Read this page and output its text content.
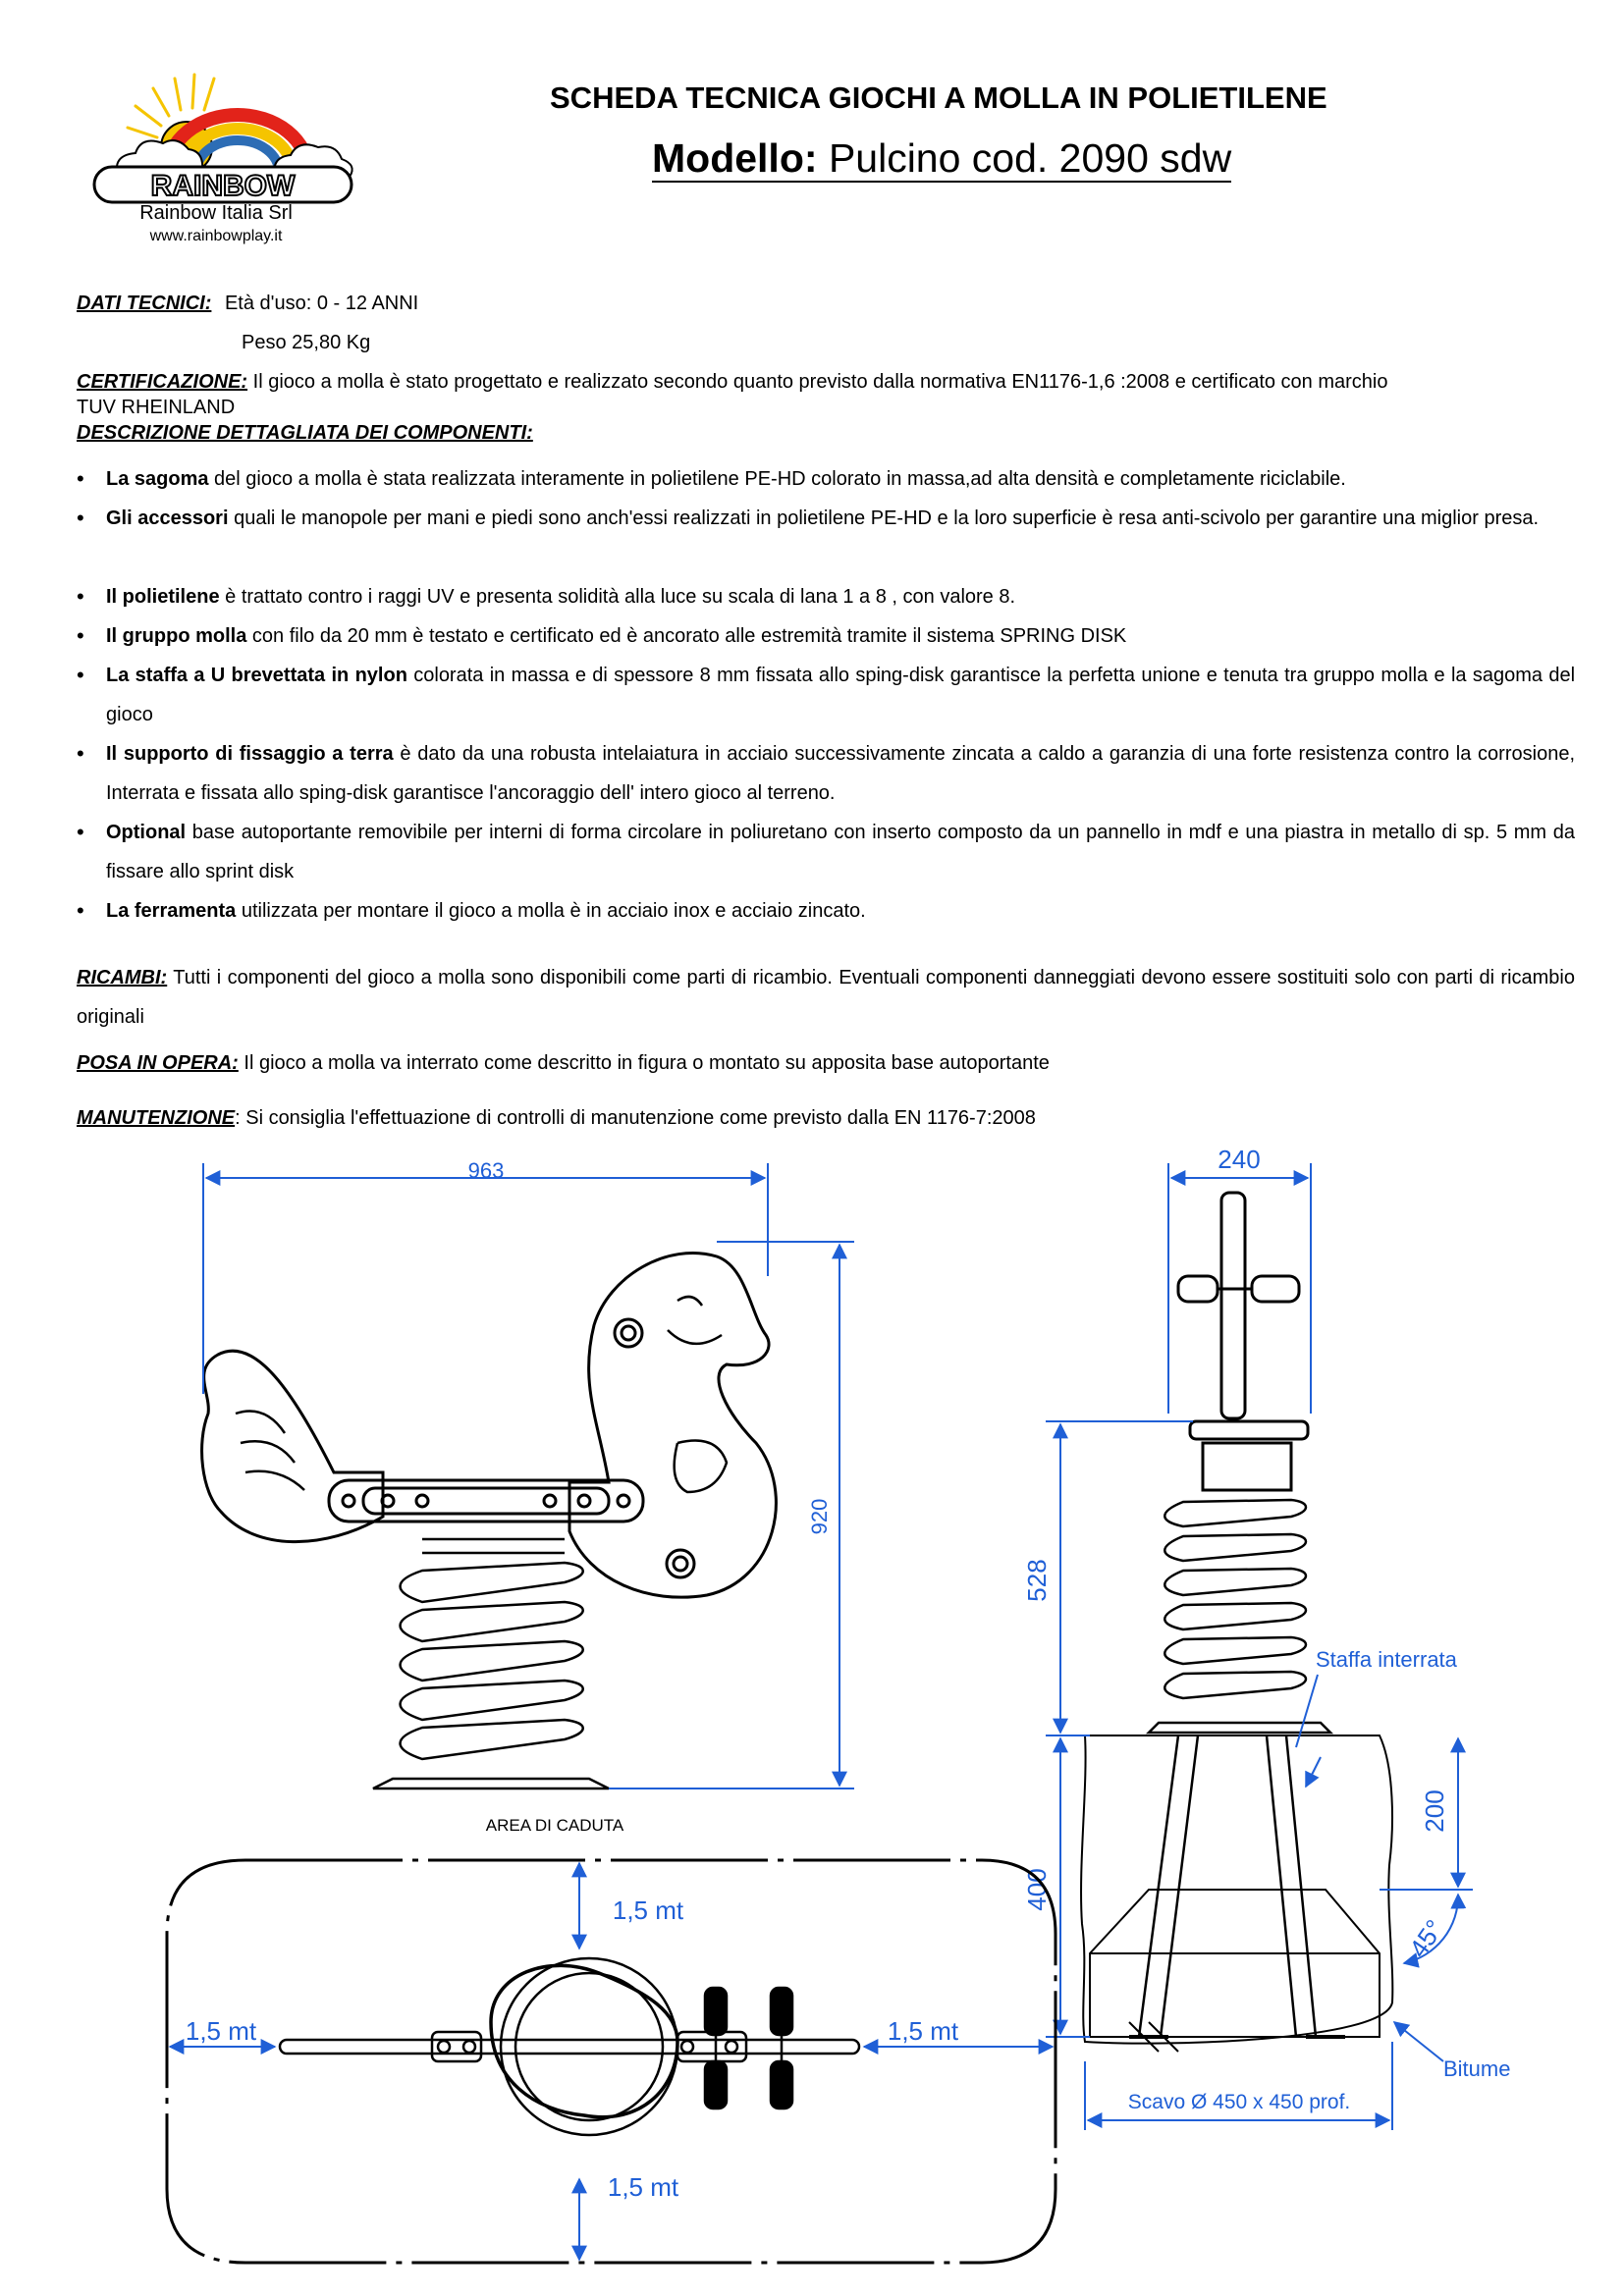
RAINBOW
Rainbow Italia Srl
www.rainbowplay.it
SCHEDA TECNICA GIOCHI A MOLLA IN POLIETILENE
Modello: Pulcino cod. 2090 sdw
DATI TECNICI: Età d'uso: 0 - 12 ANNI
Peso 25,80 Kg
CERTIFICAZIONE: Il gioco a molla è stato progettato e realizzato secondo quanto previsto dalla normativa EN1176-1,6 :2008 e certificato con marchio
TUV RHEINLAND
DESCRIZIONE DETTAGLIATA DEI COMPONENTI:
• La sagoma del gioco a molla è stata realizzata interamente in polietilene PE-HD colorato in massa,ad alta densità e completamente riciclabile.
• Gli accessori quali le manopole per mani e piedi sono anch'essi realizzati in polietilene PE-HD e la loro superficie è resa anti-scivolo per garantire una miglior presa.
• Il polietilene è trattato contro i raggi UV e presenta solidità alla luce su scala di lana 1 a 8 , con valore 8.
• Il gruppo molla con filo da 20 mm è testato e certificato ed è ancorato alle estremità tramite il sistema SPRING DISK
• La staffa a U brevettata in nylon colorata in massa e di spessore 8 mm fissata allo sping-disk garantisce la perfetta unione e tenuta tra gruppo molla e la sagoma del gioco
• Il supporto di fissaggio a terra è dato da una robusta intelaiatura in acciaio successivamente zincata a caldo a garanzia di una forte resistenza contro la corrosione, Interrata e fissata allo sping-disk garantisce l'ancoraggio dell' intero gioco al terreno.
• Optional base autoportante removibile per interni di forma circolare in poliuretano con inserto composto da un pannello in mdf e una piastra in metallo di sp. 5 mm da fissare allo sprint disk
• La ferramenta utilizzata per montare il gioco a molla è in acciaio inox e acciaio zincato.
RICAMBI: Tutti i componenti del gioco a molla sono disponibili come parti di ricambio. Eventuali componenti danneggiati devono essere sostituiti solo con parti di ricambio originali
POSA IN OPERA: Il gioco a molla va interrato come descritto in figura o montato su apposita base autoportante
MANUTENZIONE: Si consiglia l'effettuazione di controlli di manutenzione come previsto dalla EN 1176-7:2008
963
920
240
528
400
200
45°
Staffa interrata
Bitume
Scavo Ø 450 x 450 prof.
AREA DI CADUTA
1,5 mt
1,5 mt
1,5 mt	1,5 mt
